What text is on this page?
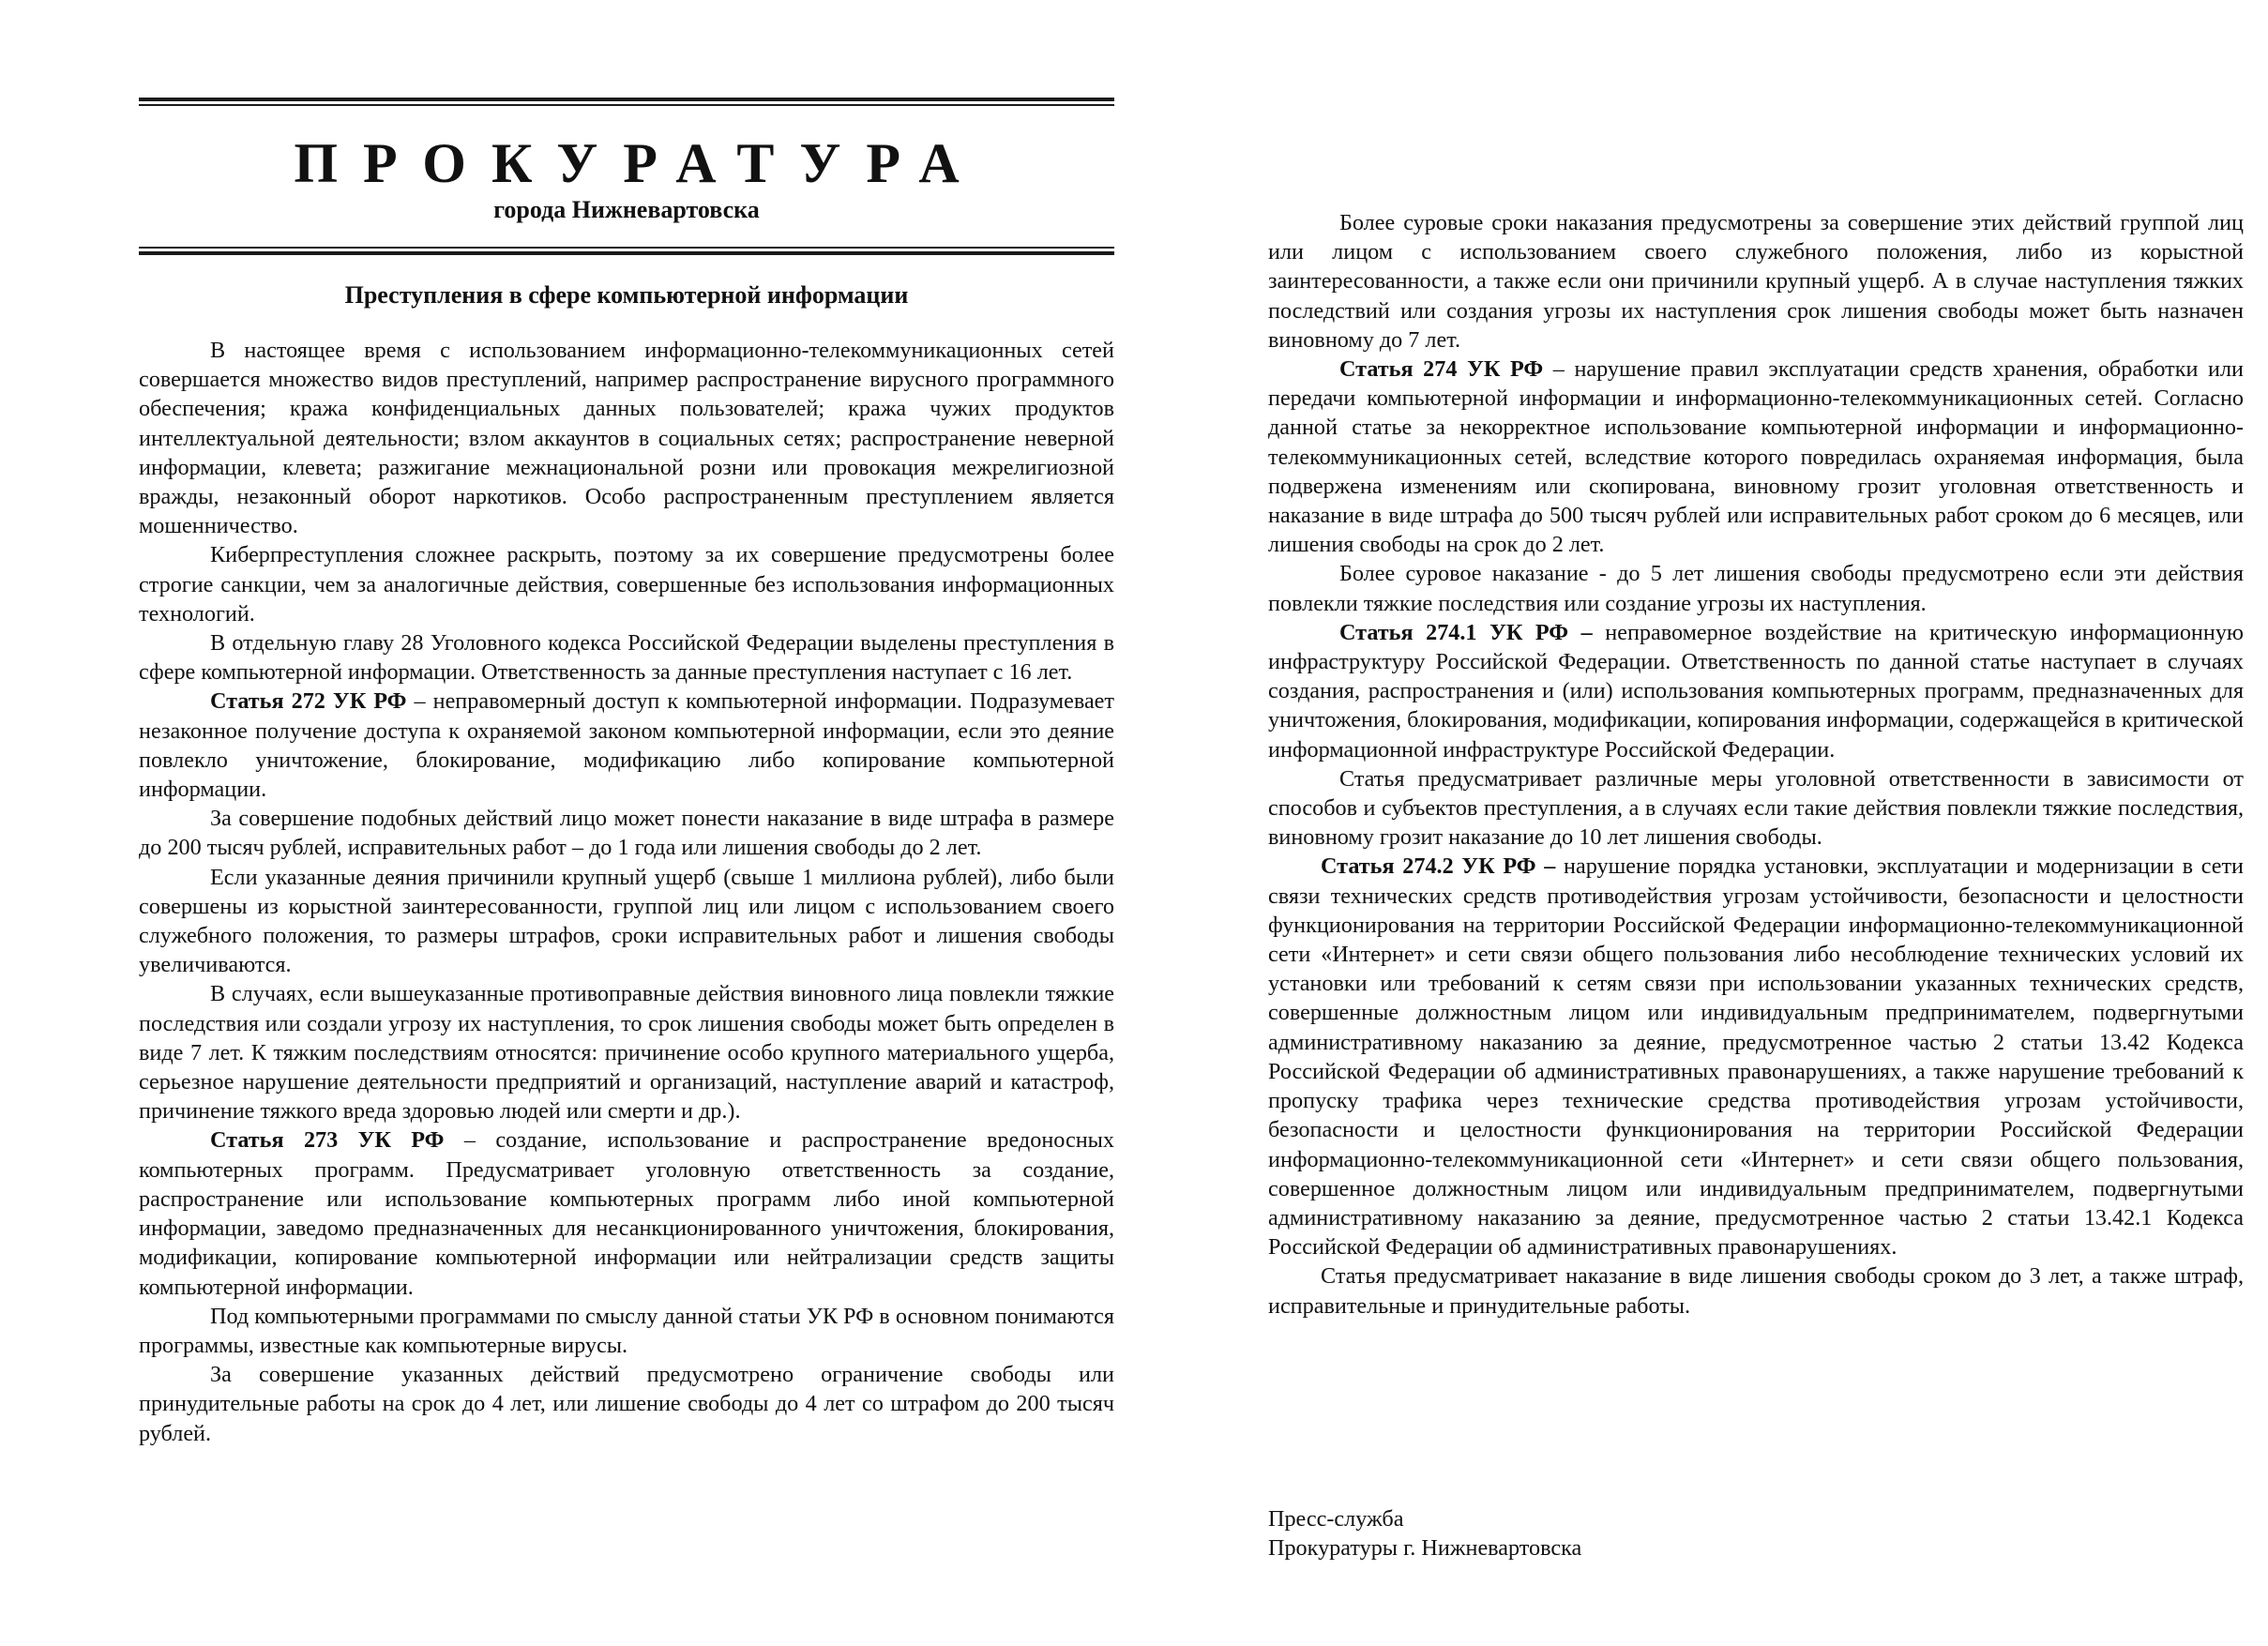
ПРОКУРАТУРА
города Нижневартовска
Преступления в сфере компьютерной информации

В настоящее время с использованием информационно-телекоммуникационных сетей совершается множество видов преступлений, например распространение вирусного программного обеспечения; кража конфиденциальных данных пользователей; кража чужих продуктов интеллектуальной деятельности; взлом аккаунтов в социальных сетях; распространение неверной информации, клевета; разжигание межнациональной розни или провокация межрелигиозной вражды, незаконный оборот наркотиков. Особо распространенным преступлением является мошенничество.

Киберпреступления сложнее раскрыть, поэтому за их совершение предусмотрены более строгие санкции, чем за аналогичные действия, совершенные без использования информационных технологий.

В отдельную главу 28 Уголовного кодекса Российской Федерации выделены преступления в сфере компьютерной информации. Ответственность за данные преступления наступает с 16 лет.

Статья 272 УК РФ – неправомерный доступ к компьютерной информации. Подразумевает незаконное получение доступа к охраняемой законом компьютерной информации, если это деяние повлекло уничтожение, блокирование, модификацию либо копирование компьютерной информации.

За совершение подобных действий лицо может понести наказание в виде штрафа в размере до 200 тысяч рублей, исправительных работ – до 1 года или лишения свободы до 2 лет.

Если указанные деяния причинили крупный ущерб (свыше 1 миллиона рублей), либо были совершены из корыстной заинтересованности, группой лиц или лицом с использованием своего служебного положения, то размеры штрафов, сроки исправительных работ и лишения свободы увеличиваются.

В случаях, если вышеуказанные противоправные действия виновного лица повлекли тяжкие последствия или создали угрозу их наступления, то срок лишения свободы может быть определен в виде 7 лет. К тяжким последствиям относятся: причинение особо крупного материального ущерба, серьезное нарушение деятельности предприятий и организаций, наступление аварий и катастроф, причинение тяжкого вреда здоровью людей или смерти и др.).

Статья 273 УК РФ – создание, использование и распространение вредоносных компьютерных программ. Предусматривает уголовную ответственность за создание, распространение или использование компьютерных программ либо иной компьютерной информации, заведомо предназначенных для несанкционированного уничтожения, блокирования, модификации, копирование компьютерной информации или нейтрализации средств защиты компьютерной информации.

Под компьютерными программами по смыслу данной статьи УК РФ в основном понимаются программы, известные как компьютерные вирусы.

За совершение указанных действий предусмотрено ограничение свободы или принудительные работы на срок до 4 лет, или лишение свободы до 4 лет со штрафом до 200 тысяч рублей.

Более суровые сроки наказания предусмотрены за совершение этих действий группой лиц или лицом с использованием своего служебного положения, либо из корыстной заинтересованности, а также если они причинили крупный ущерб. А в случае наступления тяжких последствий или создания угрозы их наступления срок лишения свободы может быть назначен виновному до 7 лет.

Статья 274 УК РФ – нарушение правил эксплуатации средств хранения, обработки или передачи компьютерной информации и информационно-телекоммуникационных сетей. Согласно данной статье за некорректное использование компьютерной информации и информационно- телекоммуникационных сетей, вследствие которого повредилась охраняемая информация, была подвержена изменениям или скопирована, виновному грозит уголовная ответственность и наказание в виде штрафа до 500 тысяч рублей или исправительных работ сроком до 6 месяцев, или лишения свободы на срок до 2 лет.

Более суровое наказание - до 5 лет лишения свободы предусмотрено если эти действия повлекли тяжкие последствия или создание угрозы их наступления.

Статья 274.1 УК РФ – неправомерное воздействие на критическую информационную инфраструктуру Российской Федерации. Ответственность по данной статье наступает в случаях создания, распространения и (или) использования компьютерных программ, предназначенных для уничтожения, блокирования, модификации, копирования информации, содержащейся в критической информационной инфраструктуре Российской Федерации.

Статья предусматривает различные меры уголовной ответственности в зависимости от способов и субъектов преступления, а в случаях если такие действия повлекли тяжкие последствия, виновному грозит наказание до 10 лет лишения свободы.

Статья 274.2 УК РФ – нарушение порядка установки, эксплуатации и модернизации в сети связи технических средств противодействия угрозам устойчивости, безопасности и целостности функционирования на территории Российской Федерации информационно-телекоммуникационной сети «Интернет» и сети связи общего пользования либо несоблюдение технических условий их установки или требований к сетям связи при использовании указанных технических средств, совершенные должностным лицом или индивидуальным предпринимателем, подвергнутыми административному наказанию за деяние, предусмотренное частью 2 статьи 13.42 Кодекса Российской Федерации об административных правонарушениях, а также нарушение требований к пропуску трафика через технические средства противодействия угрозам устойчивости, безопасности и целостности функционирования на территории Российской Федерации информационно-телекоммуникационной сети «Интернет» и сети связи общего пользования, совершенное должностным лицом или индивидуальным предпринимателем, подвергнутыми административному наказанию за деяние, предусмотренное частью 2 статьи 13.42.1 Кодекса Российской Федерации об административных правонарушениях.

Статья предусматривает наказание в виде лишения свободы сроком до 3 лет, а также штраф, исправительные и принудительные работы.

Пресс-служба
Прокуратуры г. Нижневартовска
